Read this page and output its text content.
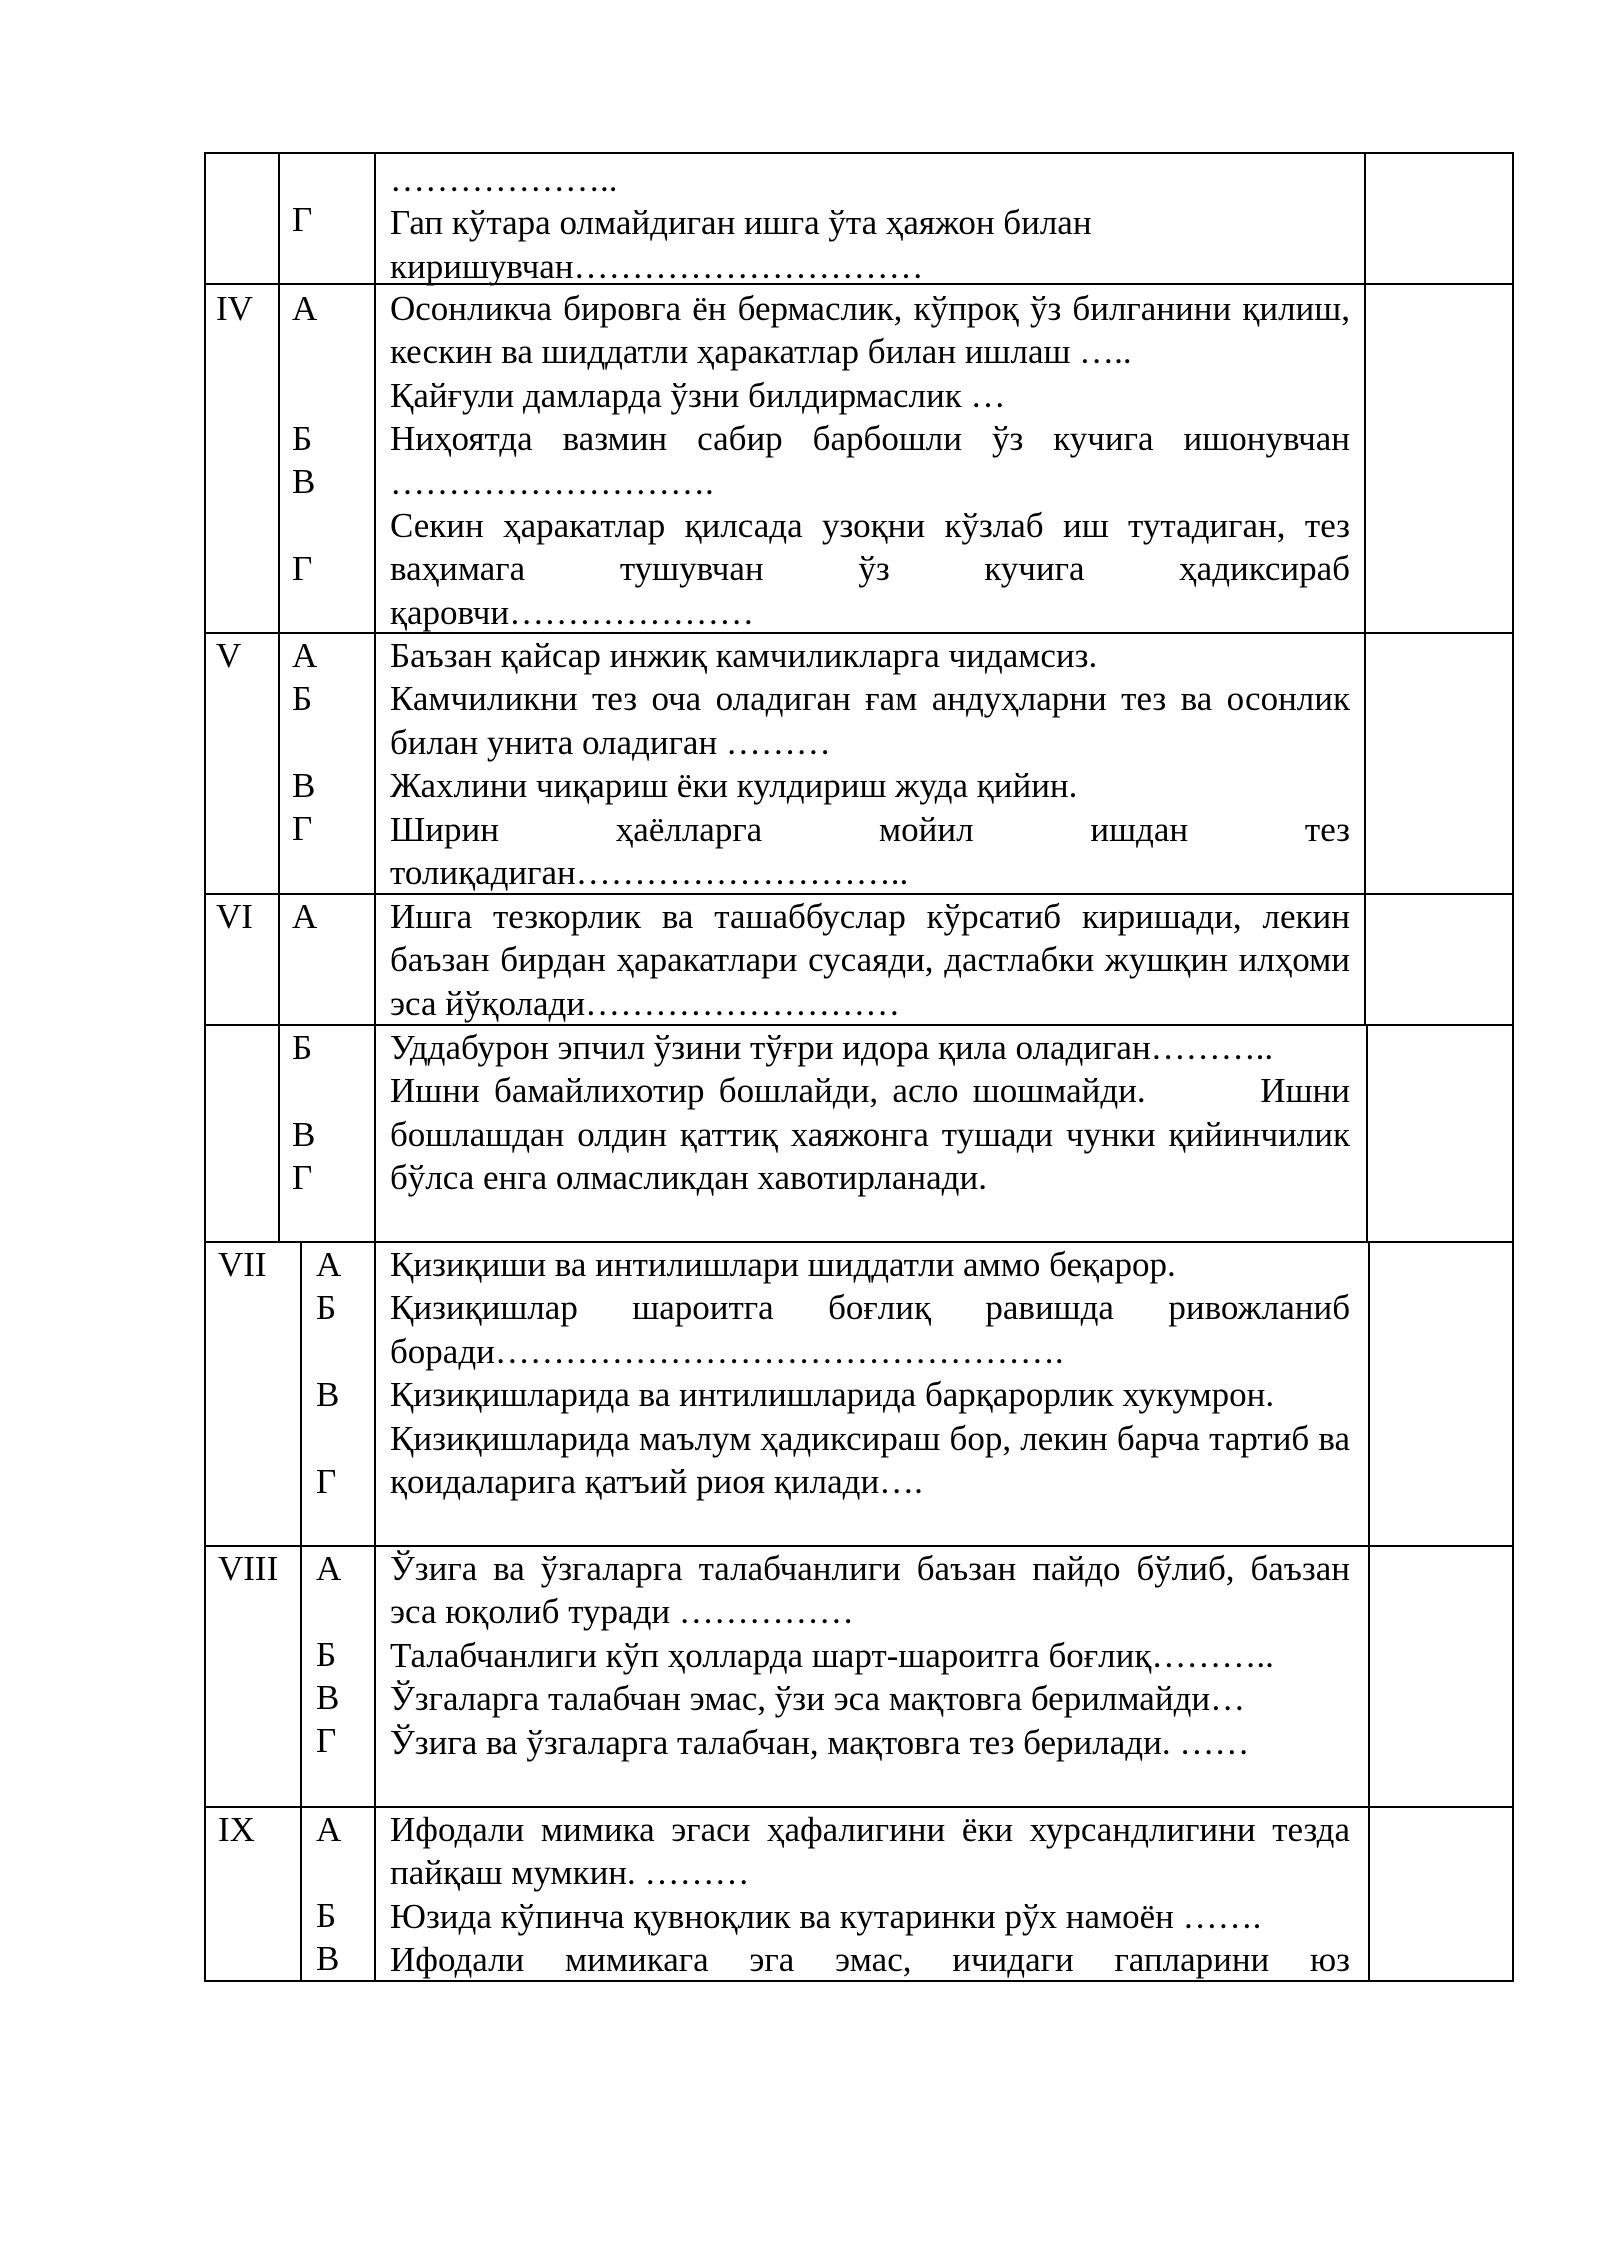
Г
………………..
Гап кўтара олмайдиган ишга ўта ҳаяжон билан киришувчан…………………………
IV А
Б
В
Г
Осонликча бировга ён бермаслик, кўпроқ ўз билганини қилиш, кескин ва шиддатли ҳаракатлар билан ишлаш …..
Қайғули дамларда ўзни билдирмаслик …
Ниҳоятда вазмин сабир барбошли ўз кучига ишонувчан ……………………….
Секин ҳаракатлар қилсада узоқни кўзлаб иш тутадиган, тез ваҳимага тушувчан ўз кучига ҳадиксираб қаровчи…………………
V А
Б
В
Г
Баъзан қайсар инжиқ камчиликларга чидамсиз.
Камчиликни тез оча оладиган ғам андуҳларни тез ва осонлик билан унита оладиган ………
Жахлини чиқариш ёки кулдириш жуда қийин.
Ширин ҳаёлларга мойил ишдан тез толиқадиган………………………..
VI А Ишга тезкорлик ва ташаббуслар кўрсатиб киришади, лекин баъзан бирдан ҳаракатлари сусаяди, дастлабки жушқин илҳоми эса йўқолади………………………
Б
В
Г
Уддабурон эпчил ўзини тўғри идора қила оладиган………..
Ишни бамайлихотир бошлайди, асло шошмайди.        Ишни бошлашдан олдин қаттиқ хаяжонга тушади чунки қийинчилик бўлса енга олмасликдан хавотирланади.
VII А
Б
В
Г
Қизиқиши ва интилишлари шиддатли аммо беқарор.
Қизиқишлар шароитга боғлиқ равишда ривожланиб боради………………………………………….
Қизиқишларида ва интилишларида барқарорлик хукумрон.
Қизиқишларида маълум ҳадиксираш бор, лекин барча тартиб ва қоидаларига қатъий риоя қилади….
VIII А
Б
В
Г
Ўзига ва ўзгаларга талабчанлиги баъзан пайдо бўлиб, баъзан эса юқолиб туради ……………
Талабчанлиги кўп ҳолларда шарт-шароитга боғлиқ………..
Ўзгаларга талабчан эмас, ўзи эса мақтовга берилмайди…
Ўзига ва ўзгаларга талабчан, мақтовга тез берилади. ……
IX А
Б
В
Ифодали мимика эгаси ҳафалигини ёки хурсандлигини тезда пайқаш мумкин. ………
Юзида кўпинча қувноқлик ва кутаринки рўх намоён …….
Ифодали мимикага эга эмас, ичидаги гапларини юз
